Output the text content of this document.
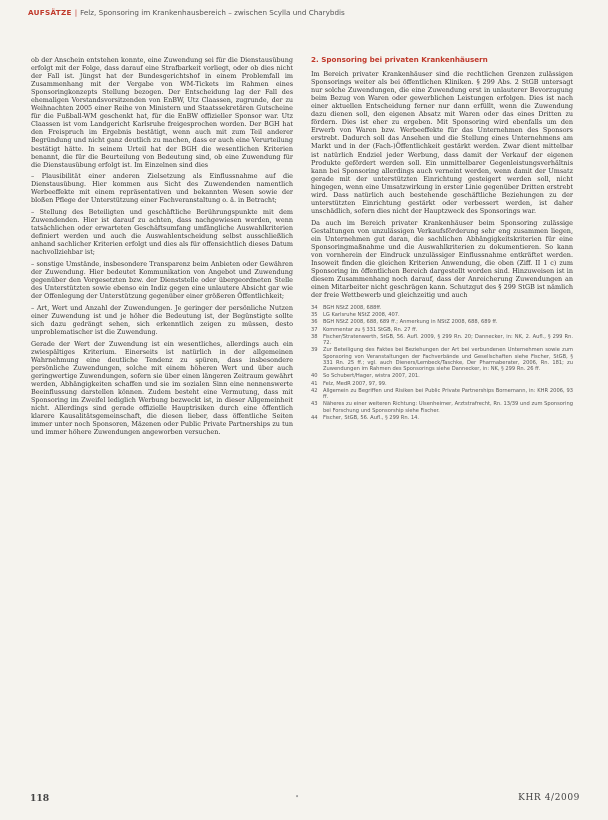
AUFSÄTZE | Felz, Sponsoring im Krankenhausbereich – zwischen Scylla und Charybdis

ob der Anschein entstehen konnte, eine Zuwendung sei für die Dienstausübung erfolgt mit der Folge, dass darauf eine Strafbarkeit vorliegt, oder ob dies nicht der Fall ist. Jüngst hat der Bundesgerichtshof in einem Problemfall im Zusammenhang mit der Vergabe von WM-Tickets im Rahmen eines Sponsoringkonzepts Stellung bezogen. Der Entscheidung lag der Fall des ehemaligen Vorstandsvorsitzenden von EnBW, Utz Claassen, zugrunde, der zu Weihnachten 2005 einer Reihe von Ministern und Staatssekretären Gutscheine für die Fußball-WM geschenkt hat, für die EnBW offizieller Sponsor war. Utz Claassen ist vom Landgericht Karlsruhe freigesprochen worden. Der BGH hat den Freispruch im Ergebnis bestätigt, wenn auch mit zum Teil anderer Begründung und nicht ganz deutlich zu machen, dass er auch eine Verurteilung bestätigt hätte. In seinem Urteil hat der BGH die wesentlichen Kriterien benannt, die für die Beurteilung von Bedeutung sind, ob eine Zuwendung für die Dienstausübung erfolgt ist. Im Einzelnen sind dies

– Plausibilität einer anderen Zielsetzung als Einflussnahme auf die Dienstausübung. Hier kommen aus Sicht des Zuwendenden namentlich Werbeeffekte mit einem repräsentativen und bekannten Wesen sowie der bloßen Pflege der Unterstützung einer Fachveranstaltung o. ä. in Betracht;

– Stellung des Beteiligten und geschäftliche Berührungspunkte mit dem Zuwendenden. Hier ist darauf zu achten, dass nachgewiesen werden, wenn tatsächlichen oder erwarteten Geschäftsumfang umfängliche Auswahlkriterien definiert werden und auch die Auswahlentscheidung selbst ausschließlich anhand sachlicher Kriterien erfolgt und dies als für offensichtlich dieses Datum nachvollziehbar ist;

– sonstige Umstände, insbesondere Transparenz beim Anbieten oder Gewähren der Zuwendung. Hier bedeutet Kommunikation von Angebot und Zuwendung gegenüber den Vorgesetzten bzw. der Dienststelle oder übergeordneten Stelle des Unterstützten sowie ebenso ein Indiz gegen eine unlautere Absicht gar wie der Offenlegung der Unterstützung gegenüber einer größeren Öffentlichkeit;

– Art, Wert und Anzahl der Zuwendungen. Je geringer der persönliche Nutzen einer Zuwendung ist und je höher die Bedeutung ist, der Begünstigte sollte sich dazu gedrängt sehen, sich erkenntlich zeigen zu müssen, desto unproblematischer ist die Zuwendung.

Gerade der Wert der Zuwendung ist ein wesentliches, allerdings auch ein zwiespältiges Kriterium. Einerseits ist natürlich in der allgemeinen Wahrnehmung eine deutliche Tendenz zu spüren, dass insbesondere persönliche Zuwendungen, solche mit einem höheren Wert und über auch geringwertige Zuwendungen, sofern sie über einen längeren Zeitraum gewährt werden, Abhängigkeiten schaffen und sie im sozialen Sinn eine nennenswerte Beeinflussung darstellen können. Zudem besteht eine Vermutung, dass mit Sponsoring im Zweifel lediglich Werbung bezweckt ist, in dieser Allgemeinheit nicht. Allerdings sind gerade offizielle Hauptrisiken durch eine öffentlich klarere Kausalitätsgemeinschaft, die diesen lieber, dass öffentliche Seiten immer unter noch Sponsoren, Mäzenen oder Public Private Partnerships zu tun und immer höhere Zuwendungen angeworben versuchen.

2. Sponsoring bei privaten Krankenhäusern

Im Bereich privater Krankenhäuser sind die rechtlichen Grenzen zulässigen Sponsorings weiter als bei öffentlichen Kliniken. § 299 Abs. 2 StGB untersagt nur solche Zuwendungen, die eine Zuwendung erst in unlauterer Bevorzugung beim Bezug von Waren oder gewerblichen Leistungen erfolgen. Dies ist nach einer aktuellen Entscheidung ferner nur dann erfüllt, wenn die Zuwendung dazu dienen soll, den eigenen Absatz mit Waren oder das eines Dritten zu fördern. Dies ist eher zu ergeben. Mit Sponsoring wird ebenfalls um den Erwerb von Waren bzw. Werbeeffekte für das Unternehmen des Sponsors erstrebt. Dadurch soll das Ansehen und die Stellung eines Unternehmens am Markt und in der (Fach-)Öffentlichkeit gestärkt werden. Zwar dient mittelbar ist natürlich Endziel jeder Werbung, dass damit der Verkauf der eigenen Produkte gefördert werden soll. Ein unmittelbarer Gegenleistungsverhältnis kann bei Sponsoring allerdings auch verneint werden, wenn damit der Umsatz gerade mit der unterstützten Einrichtung gesteigert werden soll, nicht hingegen, wenn eine Umsatzwirkung in erster Linie gegenüber Dritten erstrebt wird. Dass natürlich auch bestehende geschäftliche Beziehungen zu der unterstützten Einrichtung gestärkt oder verbessert werden, ist daher unschädlich, sofern dies nicht der Hauptzweck des Sponsorings war.

Da auch im Bereich privater Krankenhäuser beim Sponsoring zulässige Gestaltungen von unzulässigen Verkaufsförderung sehr eng zusammen liegen, ein Unternehmen gut daran, die sachlichen Abhängigkeitskriterien für eine Sponsoringmaßnahme und die Auswahlkriterien zu dokumentieren. So kann von vornherein der Eindruck unzulässiger Einflussnahme entkräftet werden. Insoweit finden die gleichen Kriterien Anwendung, die oben (Ziff. II 1 c) zum Sponsoring im öffentlichen Bereich dargestellt worden sind. Hinzuweisen ist in diesem Zusammenhang noch darauf, dass der Anreicherung Zuwendungen an einen Mitarbeiter nicht geschrägen kann. Schutzgut des § 299 StGB ist nämlich der freie Wettbewerb und gleichzeitig und auch

34	BGH NStZ 2008, 688ff.
35	LG Karlsruhe NStZ 2008, 407.
36	BGH NStZ 2008, 688, 689 ff.; Anmerkung in NStZ 2008, 688, 689 ff.
37	Kommentar zu § 331 StGB, Rn. 27 ff.
38	Fischer/Stratenwerth, StGB, 56. Aufl. 2009, § 299 Rn. 20; Dannecker, in: NK, 2. Aufl., § 299 Rn. 72.
39	Zur Beteiligung des Faktes bei Beziehungen der Art bei verbundenen Unternehmen sowie zum Sponsoring von Veranstaltungen der Fachverbände und Gesellschaften siehe Fischer, StGB, § 331 Rn. 25 ff.; vgl. auch Dieners/Lembeck/Taschke, Der Pharmaberater, 2006, Rn. 181; zu Zuwendungen im Rahmen des Sponsorings siehe Dannecker, in: NK, § 299 Rn. 26 ff.
40	So Schubert/Hager, wistra 2007, 201.
41	Felz, MedR 2007, 97, 99.
42	Allgemein zu Begriffen und Risiken bei Public Private Partnerships Bornemann, in: KHR 2006, 93 ff.
43	Näheres zu einer weiteren Richtung: Ulsenheimer, Arztstrafrecht, Rn. 13/39 und zum Sponsoring bei Forschung und Sponsorship siehe Fischer.
44	Fischer, StGB, 56. Aufl., § 299 Rn. 14.
118	•	KHR 4/2009
